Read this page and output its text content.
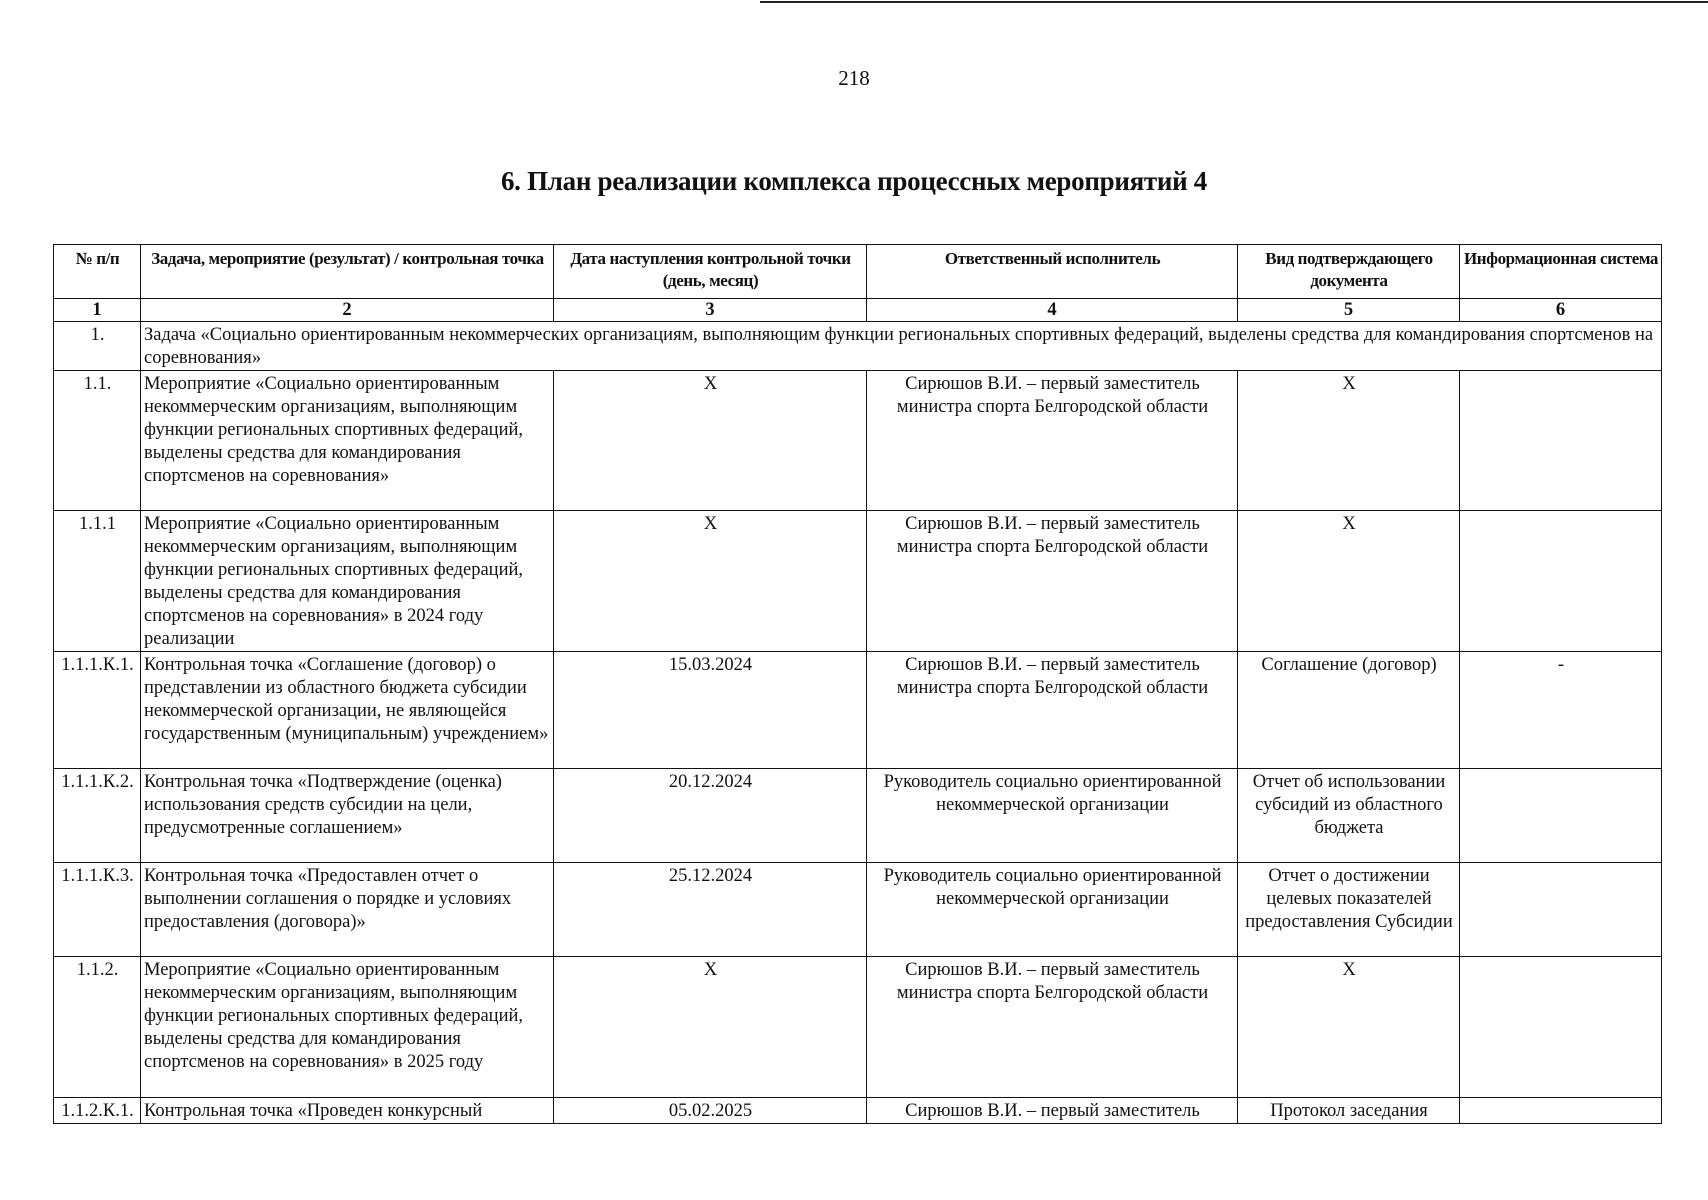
218
6. План реализации комплекса процессных мероприятий 4
№ п/п	Задача, мероприятие (результат) / контрольная точка	Дата наступления контрольной точки (день, месяц)	Ответственный исполнитель	Вид подтверждающего документа	Информационная система
1	2	3	4	5	6
1.	Задача «Социально ориентированным некоммерческих организациям, выполняющим функции региональных спортивных федераций, выделены средства для командирования спортсменов на соревнования»				
1.1.	Мероприятие «Социально ориентированным некоммерческим организациям, выполняющим функции региональных спортивных федераций, выделены средства для командирования спортсменов на соревнования»	Х	Сирюшов В.И. – первый заместитель министра спорта Белгородской области	Х	
1.1.1	Мероприятие «Социально ориентированным некоммерческим организациям, выполняющим функции региональных спортивных федераций, выделены средства для командирования спортсменов на соревнования» в 2024 году реализации	Х	Сирюшов В.И. – первый заместитель министра спорта Белгородской области	Х	
1.1.1.К.1.	Контрольная точка «Соглашение (договор) о представлении из областного бюджета субсидии некоммерческой организации, не являющейся государственным (муниципальным) учреждением»	15.03.2024	Сирюшов В.И. – первый заместитель министра спорта Белгородской области	Соглашение (договор)	-
1.1.1.К.2.	Контрольная точка «Подтверждение (оценка) использования средств субсидии на цели, предусмотренные соглашением»	20.12.2024	Руководитель социально ориентированной некоммерческой организации	Отчет об использовании субсидий из областного бюджета	
1.1.1.К.3.	Контрольная точка «Предоставлен отчет о выполнении соглашения о порядке и условиях предоставления (договора)»	25.12.2024	Руководитель социально ориентированной некоммерческой организации	Отчет о достижении целевых показателей предоставления Субсидии	
1.1.2.	Мероприятие «Социально ориентированным некоммерческим организациям, выполняющим функции региональных спортивных федераций, выделены средства для командирования спортсменов на соревнования» в 2025 году	Х	Сирюшов В.И. – первый заместитель министра спорта Белгородской области	Х	
1.1.2.К.1.	Контрольная точка «Проведен конкурсный	05.02.2025	Сирюшов В.И. – первый заместитель	Протокол заседания	
